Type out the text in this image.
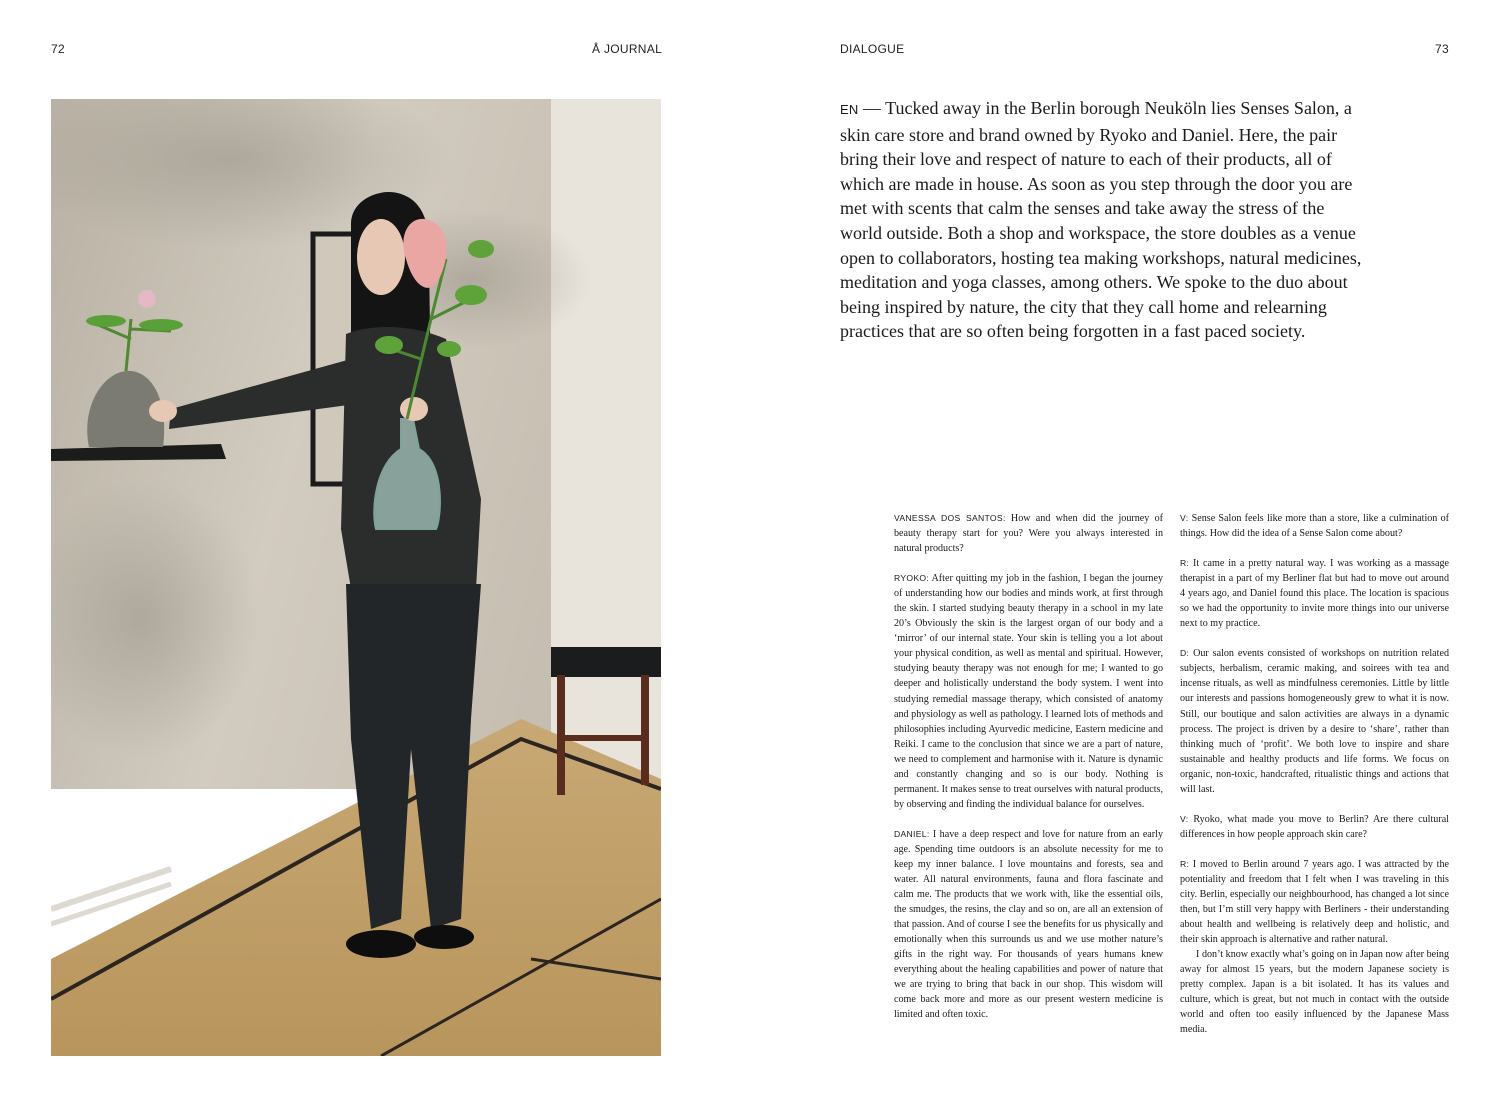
72	Å JOURNAL	DIALOGUE	73

EN — Tucked away in the Berlin borough Neuköln lies Senses Salon, a skin care store and brand owned by Ryoko and Daniel. Here, the pair bring their love and respect of nature to each of their products, all of which are made in house. As soon as you step through the door you are met with scents that calm the senses and take away the stress of the world outside. Both a shop and workspace, the store doubles as a venue open to collaborators, hosting tea making workshops, natural medicines, meditation and yoga classes, among others. We spoke to the duo about being inspired by nature, the city that they call home and relearning practices that are so often being forgotten in a fast paced society.

VANESSA DOS SANTOS: How and when did the journey of beauty therapy start for you? Were you always interested in natural products?

RYOKO: After quitting my job in the fashion, I began the journey of understanding how our bodies and minds work, at first through the skin. I started studying beauty therapy in a school in my late 20’s Obviously the skin is the largest organ of our body and a ‘mirror’ of our internal state. Your skin is telling you a lot about your physical condition, as well as mental and spiritual. However, studying beauty therapy was not enough for me; I wanted to go deeper and holistically understand the body system. I went into studying remedial massage therapy, which consisted of anatomy and physiology as well as pathology. I learned lots of methods and philosophies including Ayurvedic medicine, Eastern medicine and Reiki. I came to the conclusion that since we are a part of nature, we need to complement and harmonise with it. Nature is dynamic and constantly changing and so is our body. Nothing is permanent. It makes sense to treat ourselves with natural products, by observing and finding the individual balance for ourselves.

DANIEL: I have a deep respect and love for nature from an early age. Spending time outdoors is an absolute necessity for me to keep my inner balance. I love mountains and forests, sea and water. All natural environments, fauna and flora fascinate and calm me. The products that we work with, like the essential oils, the smudges, the resins, the clay and so on, are all an extension of that passion. And of course I see the benefits for us physically and emotionally when this surrounds us and we use mother nature’s gifts in the right way. For thousands of years humans knew everything about the healing capabilities and power of nature that we are trying to bring that back in our shop. This wisdom will come back more and more as our present western medicine is limited and often toxic.

V: Sense Salon feels like more than a store, like a culmination of things. How did the idea of a Sense Salon come about?

R: It came in a pretty natural way. I was working as a massage therapist in a part of my Berliner flat but had to move out around 4 years ago, and Daniel found this place. The location is spacious so we had the opportunity to invite more things into our universe next to my practice.

D: Our salon events consisted of workshops on nutrition related subjects, herbalism, ceramic making, and soirees with tea and incense rituals, as well as mindfulness ceremonies. Little by little our interests and passions homogeneously grew to what it is now. Still, our boutique and salon activities are always in a dynamic process. The project is driven by a desire to ‘share’, rather than thinking much of ‘profit’. We both love to inspire and share sustainable and healthy products and life forms. We focus on organic, non-toxic, handcrafted, ritualistic things and actions that will last.

V: Ryoko, what made you move to Berlin? Are there cultural differences in how people approach skin care?

R: I moved to Berlin around 7 years ago. I was attracted by the potentiality and freedom that I felt when I was traveling in this city. Berlin, especially our neighbourhood, has changed a lot since then, but I’m still very happy with Berliners - their understanding about health and wellbeing is relatively deep and holistic, and their skin approach is alternative and rather natural.

I don’t know exactly what’s going on in Japan now after being away for almost 15 years, but the modern Japanese society is pretty complex. Japan is a bit isolated. It has its values and culture, which is great, but not much in contact with the outside world and often too easily influenced by the Japanese Mass media.
